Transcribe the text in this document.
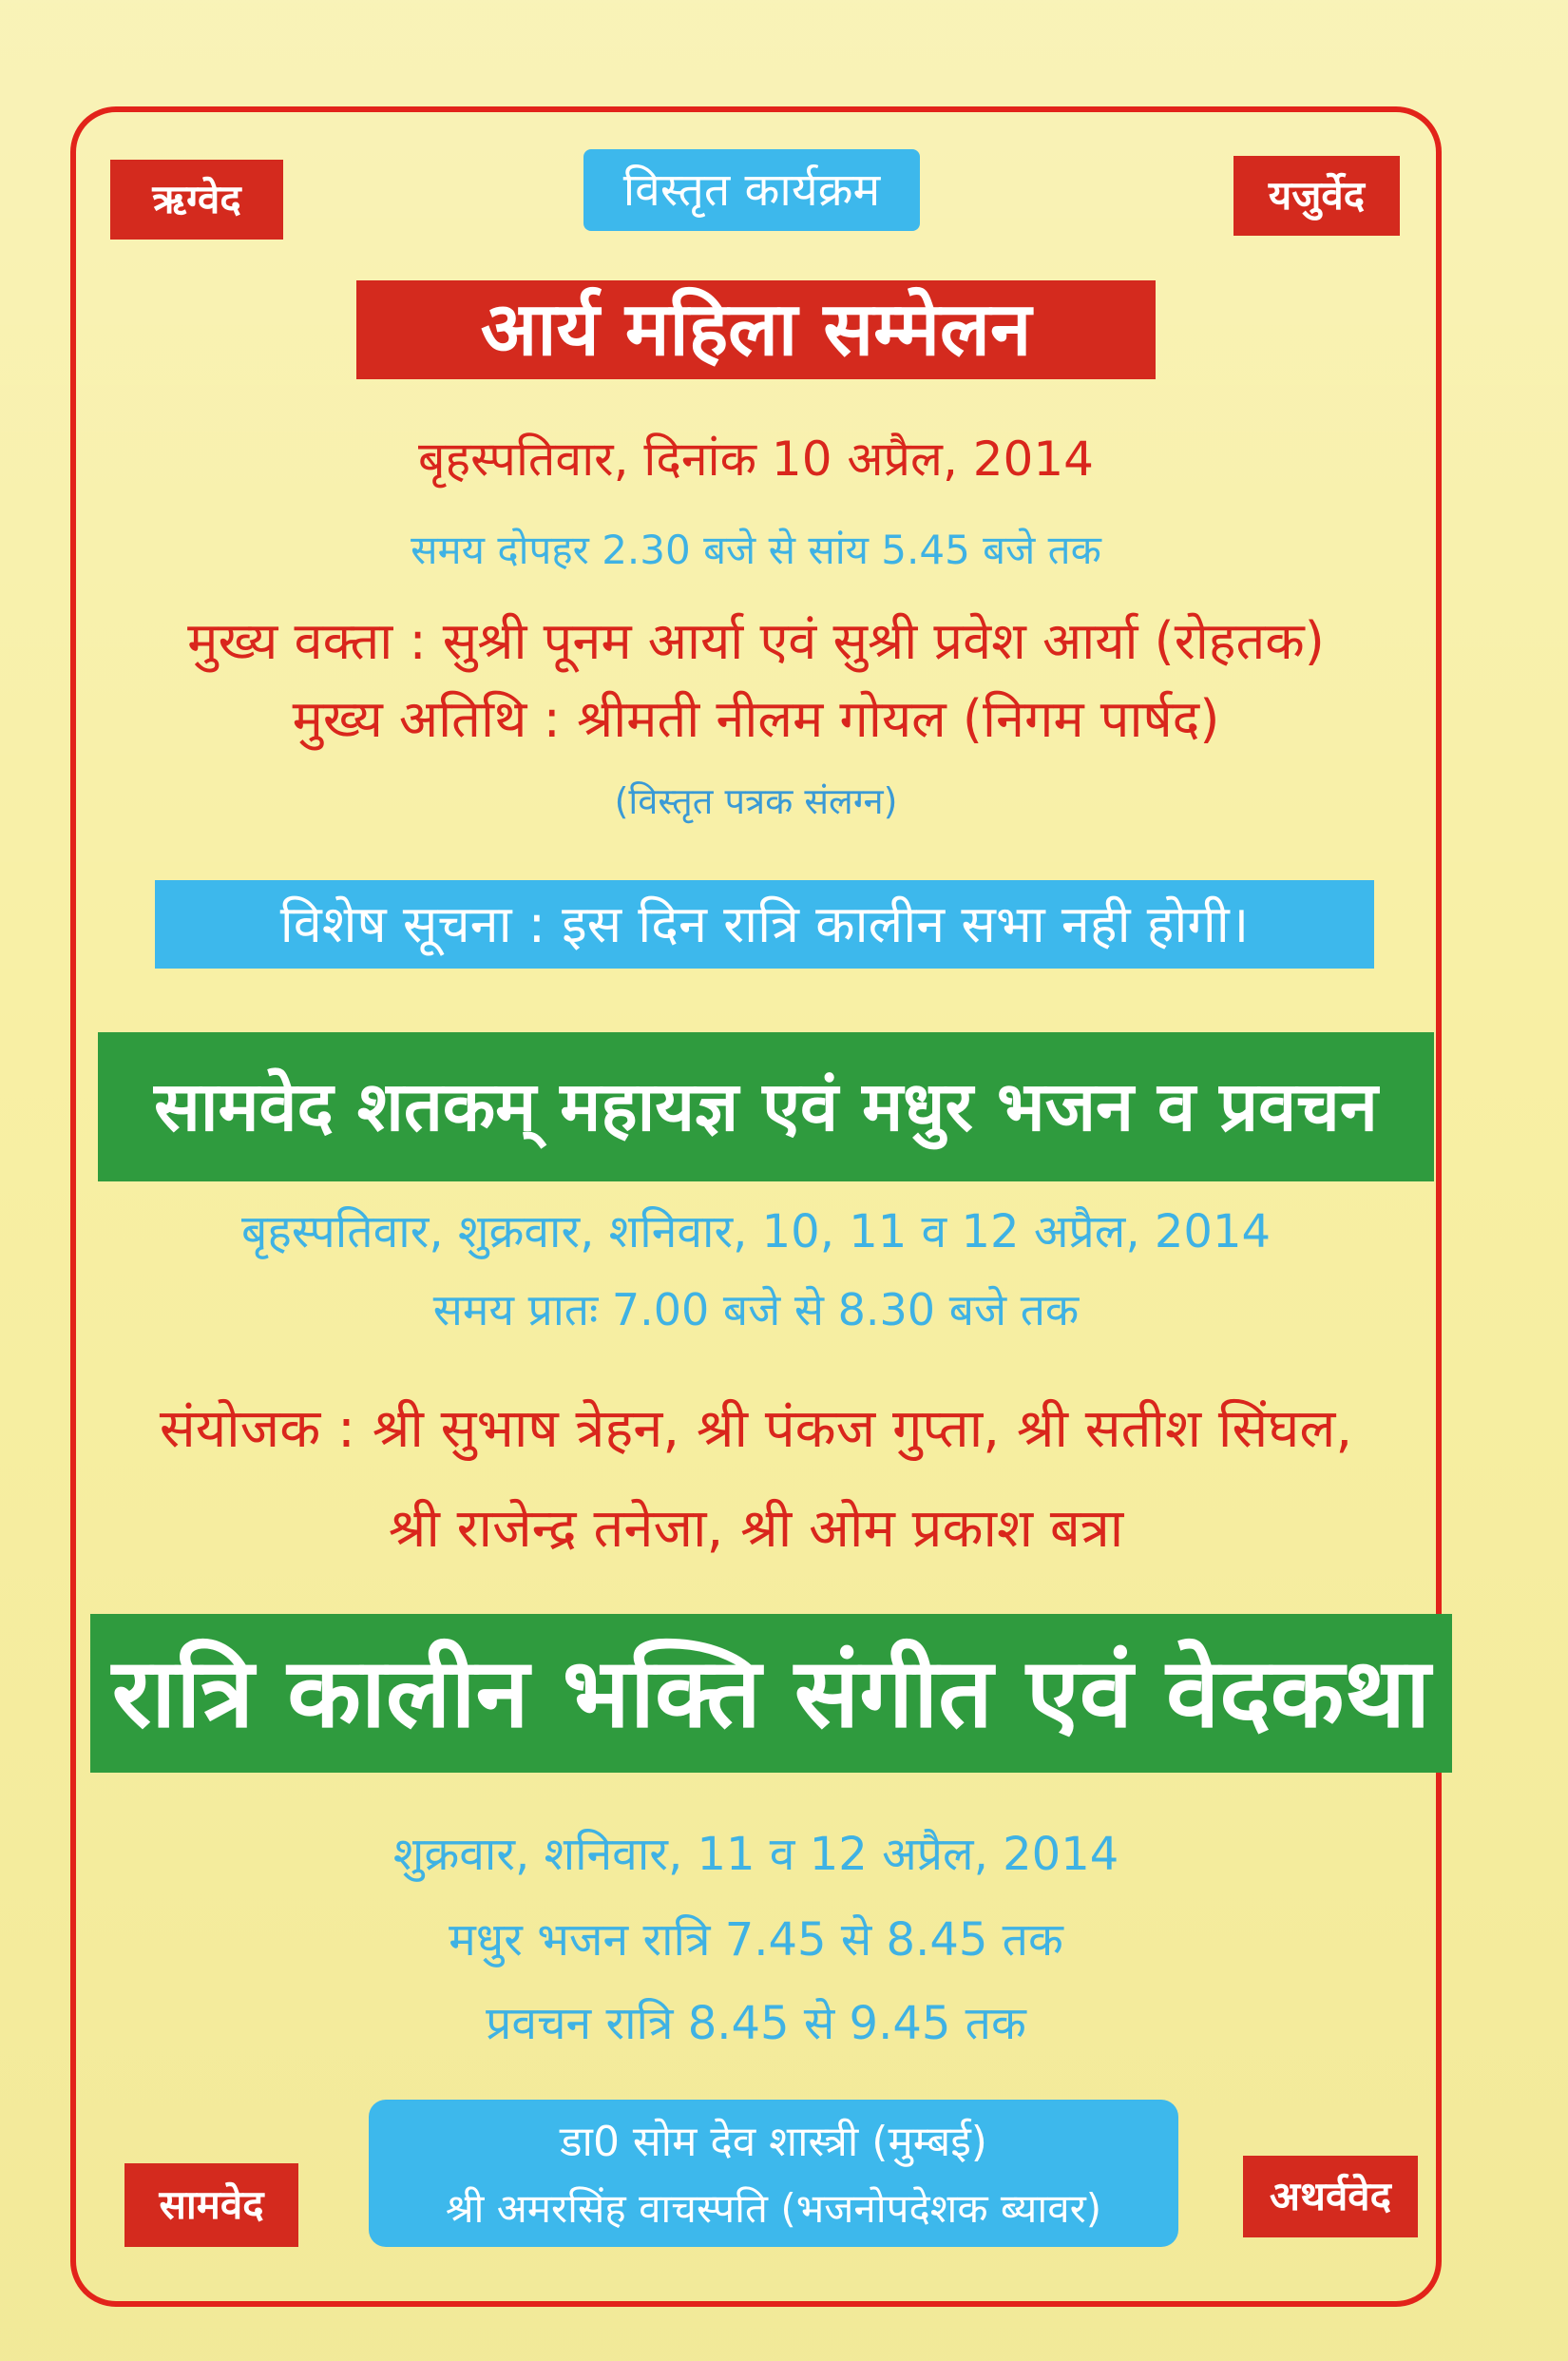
ऋग्वेद	यजुर्वेद
सामवेद	अथर्ववेद
विस्तृत कार्यक्रम
आर्य महिला सम्मेलन
बृहस्पतिवार, दिनांक 10 अप्रैल, 2014
समय दोपहर 2.30 बजे से सांय 5.45 बजे तक
मुख्य वक्ता : सुश्री पूनम आर्या एवं सुश्री प्रवेश आर्या (रोहतक)
मुख्य अतिथि : श्रीमती नीलम गोयल (निगम पार्षद)
(विस्तृत पत्रक संलग्न)
विशेष सूचना : इस दिन रात्रि कालीन सभा नही होगी।
सामवेद शतकम् महायज्ञ एवं मधुर भजन व प्रवचन
बृहस्पतिवार, शुक्रवार, शनिवार, 10, 11 व 12 अप्रैल, 2014
समय प्रातः 7.00 बजे से 8.30 बजे तक
संयोजक : श्री सुभाष त्रेहन, श्री पंकज गुप्ता, श्री सतीश सिंघल,
श्री राजेन्द्र तनेजा, श्री ओम प्रकाश बत्रा
रात्रि कालीन भक्ति संगीत एवं वेदकथा
शुक्रवार, शनिवार, 11 व 12 अप्रैल, 2014
मधुर भजन रात्रि 7.45 से 8.45 तक
प्रवचन रात्रि 8.45 से 9.45 तक
डा0 सोम देव शास्त्री (मुम्बई)
श्री अमरसिंह वाचस्पति (भजनोपदेशक ब्यावर)
